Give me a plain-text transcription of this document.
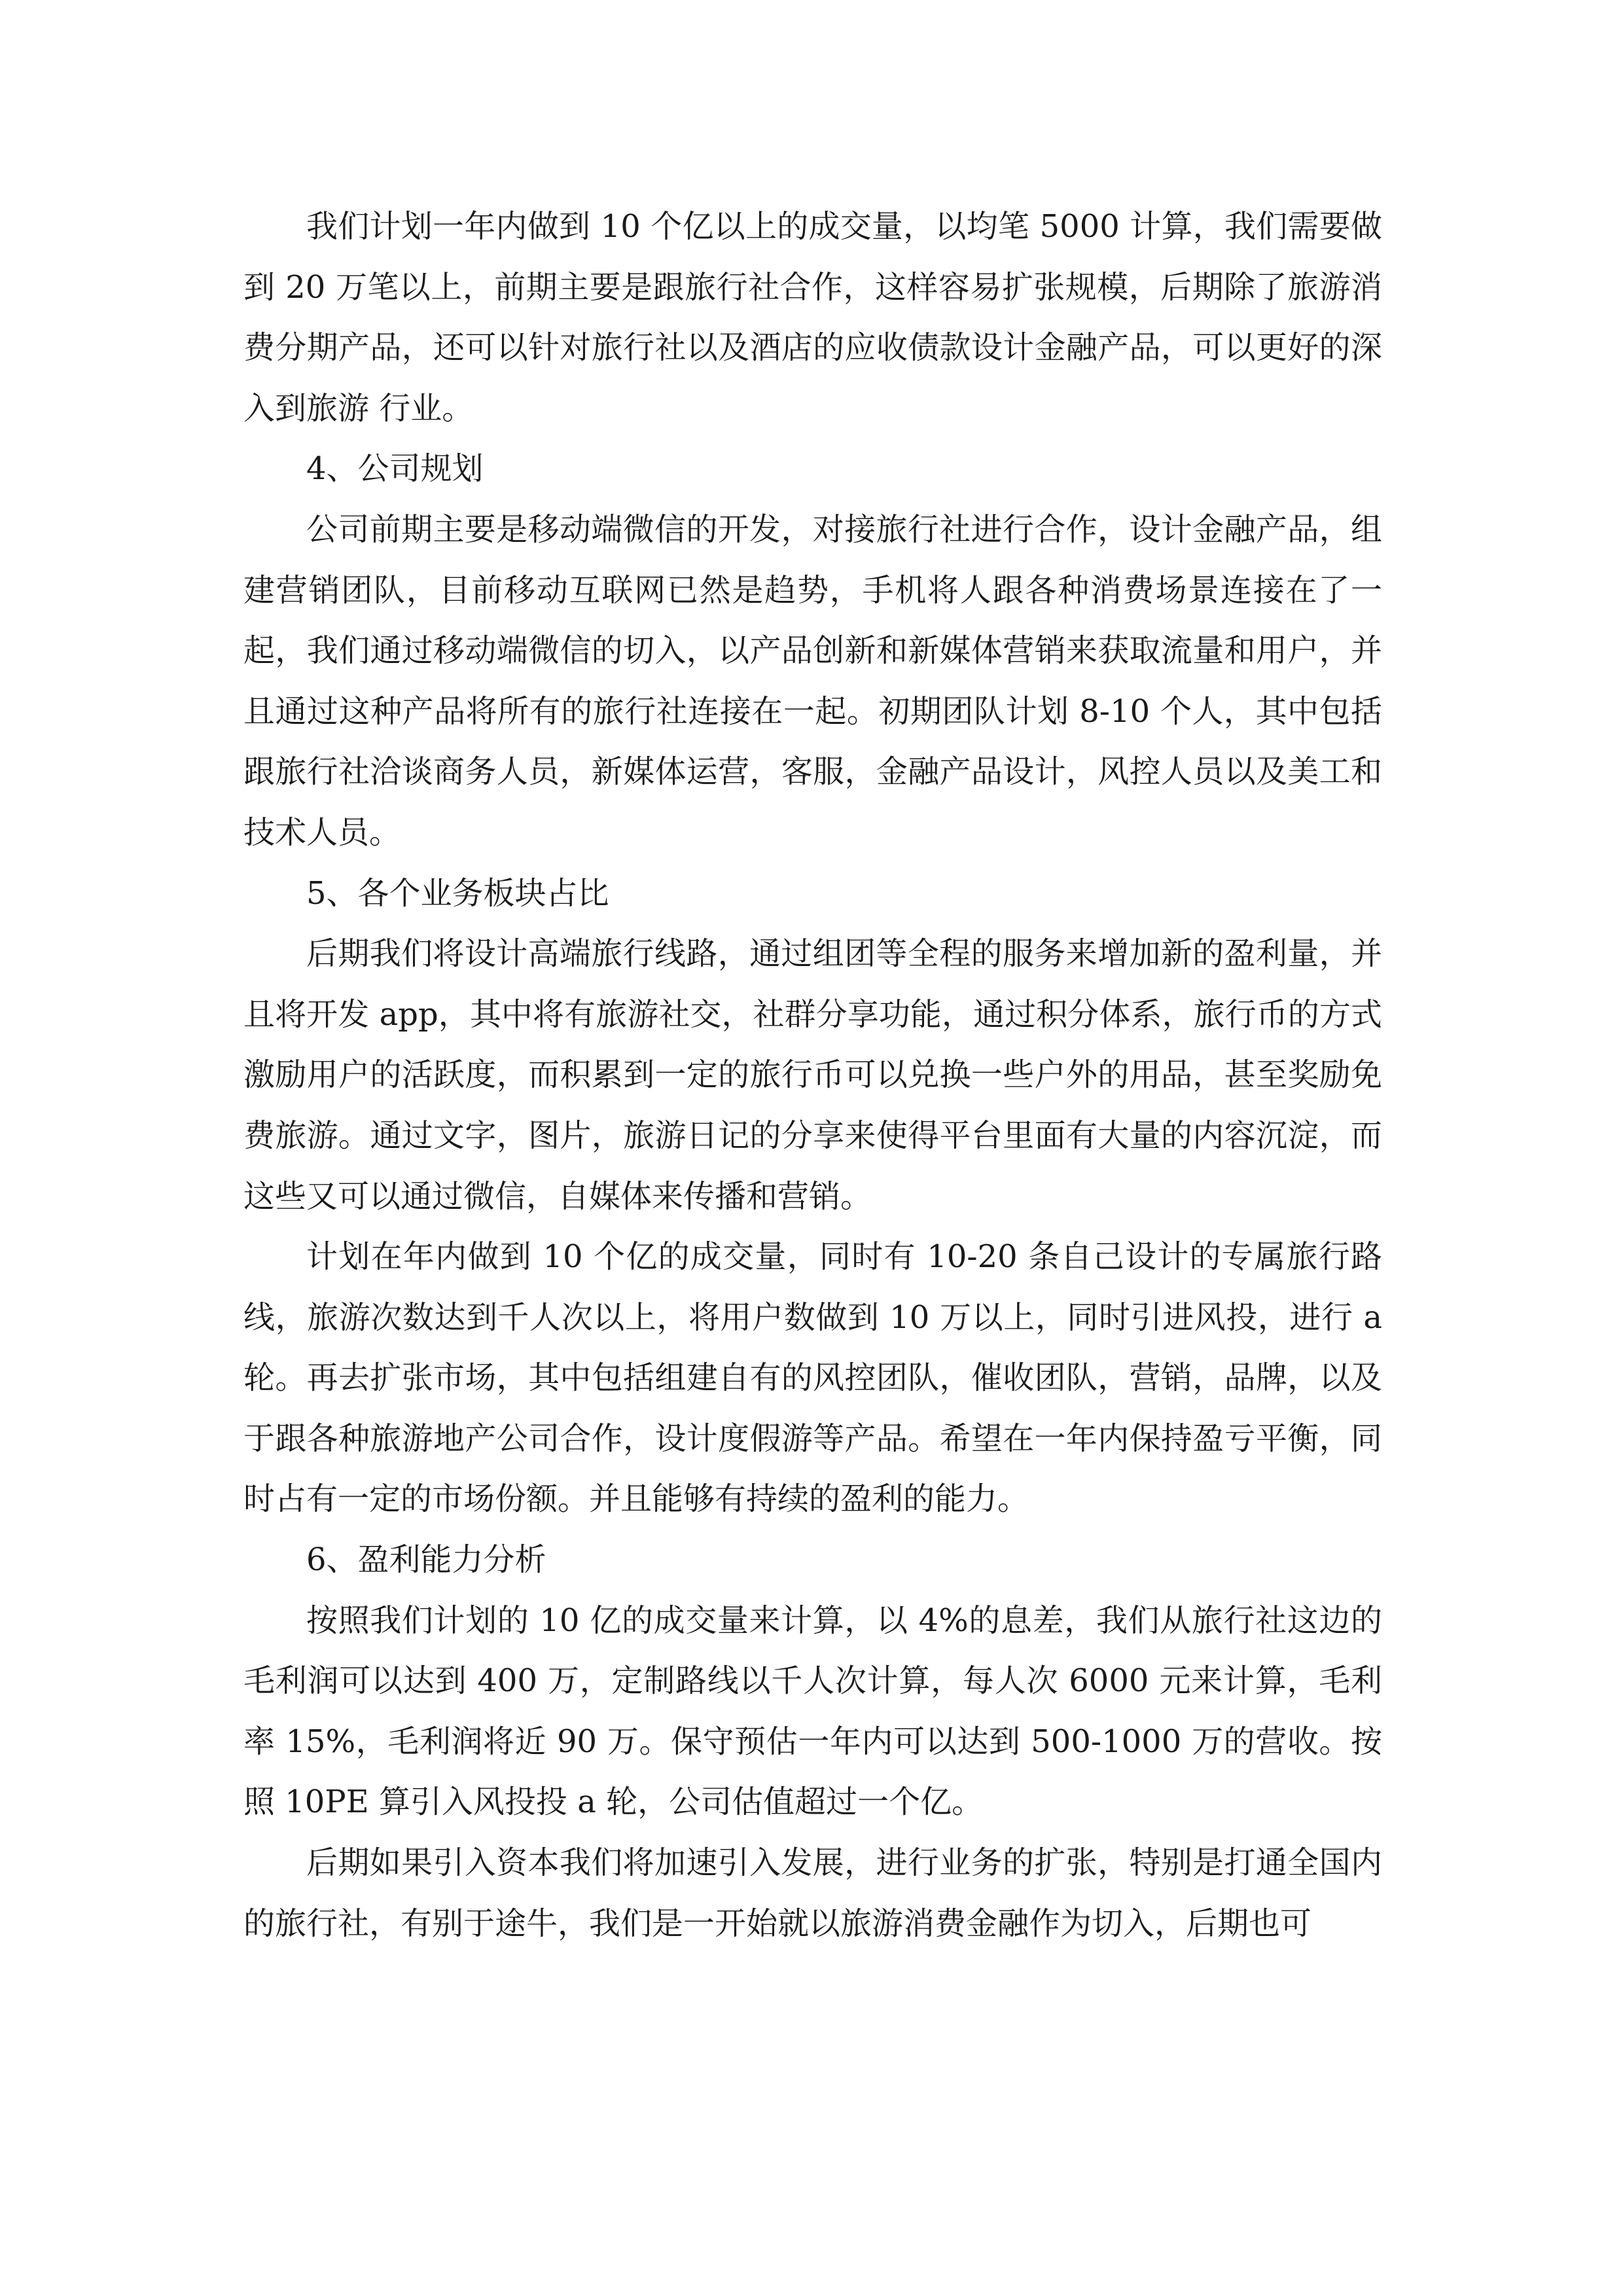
我们计划一年内做到 10 个亿以上的成交量，以均笔 5000 计算，我们需要做到 20 万笔以上，前期主要是跟旅行社合作，这样容易扩张规模，后期除了旅游消费分期产品，还可以针对旅行社以及酒店的应收债款设计金融产品，可以更好的深入到旅游 行业。

4、公司规划

公司前期主要是移动端微信的开发，对接旅行社进行合作，设计金融产品，组建营销团队，目前移动互联网已然是趋势，手机将人跟各种消费场景连接在了一起，我们通过移动端微信的切入，以产品创新和新媒体营销来获取流量和用户，并且通过这种产品将所有的旅行社连接在一起。初期团队计划 8-10 个人，其中包括跟旅行社洽谈商务人员，新媒体运营，客服，金融产品设计，风控人员以及美工和技术人员。

5、各个业务板块占比

后期我们将设计高端旅行线路，通过组团等全程的服务来增加新的盈利量，并且将开发 app，其中将有旅游社交，社群分享功能，通过积分体系，旅行币的方式激励用户的活跃度，而积累到一定的旅行币可以兑换一些户外的用品，甚至奖励免费旅游。通过文字，图片，旅游日记的分享来使得平台里面有大量的内容沉淀，而这些又可以通过微信，自媒体来传播和营销。

计划在年内做到 10 个亿的成交量，同时有 10-20 条自己设计的专属旅行路线，旅游次数达到千人次以上，将用户数做到 10 万以上，同时引进风投，进行 a 轮。再去扩张市场，其中包括组建自有的风控团队，催收团队，营销，品牌，以及于跟各种旅游地产公司合作，设计度假游等产品。希望在一年内保持盈亏平衡，同时占有一定的市场份额。并且能够有持续的盈利的能力。

6、盈利能力分析

按照我们计划的 10 亿的成交量来计算，以 4%的息差，我们从旅行社这边的毛利润可以达到 400 万，定制路线以千人次计算，每人次 6000 元来计算，毛利率 15%，毛利润将近 90 万。保守预估一年内可以达到 500-1000 万的营收。按照 10PE 算引入风投投 a 轮，公司估值超过一个亿。

后期如果引入资本我们将加速引入发展，进行业务的扩张，特别是打通全国内的旅行社，有别于途牛，我们是一开始就以旅游消费金融作为切入，后期也可
